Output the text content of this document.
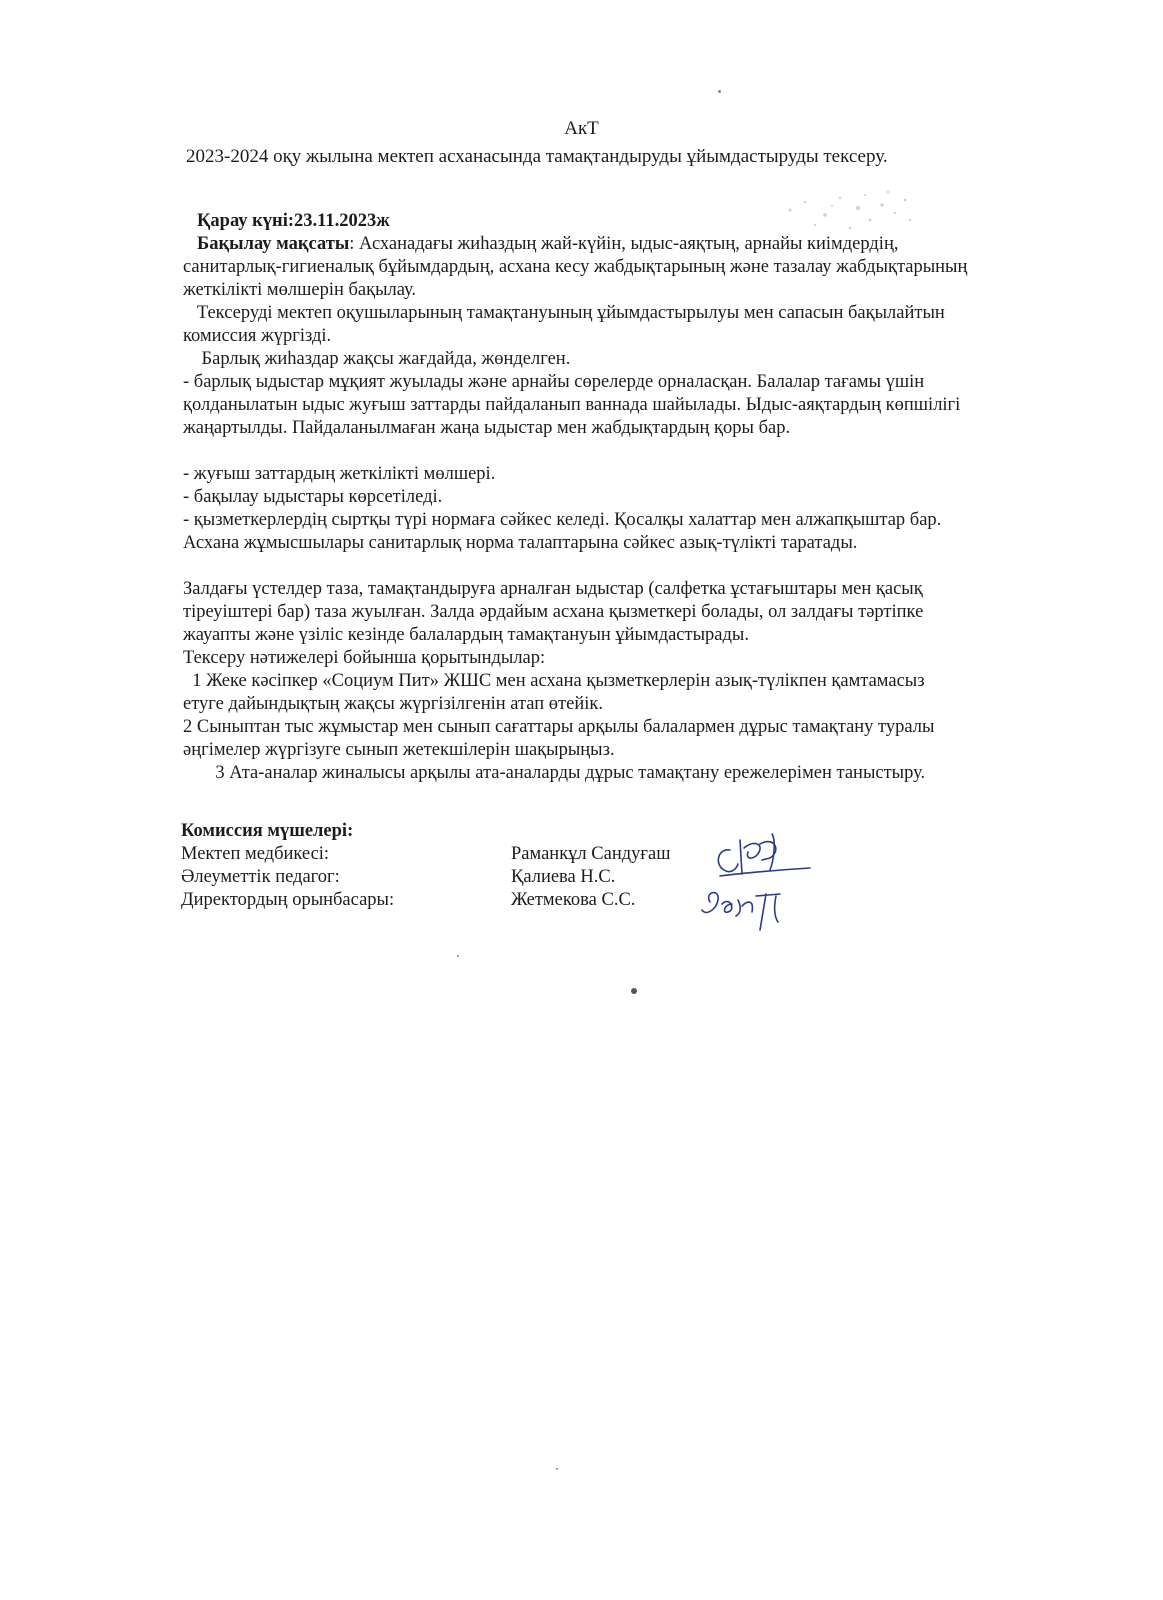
АкТ
2023-2024 оқу жылына мектеп асханасында тамақтандыруды ұйымдастыруды тексеру.
Қарау күні:23.11.2023ж
Бақылау мақсаты: Асханадағы жиһаздың жай-күйін, ыдыс-аяқтың, арнайы киімдердің,
санитарлық-гигиеналық бұйымдардың, асхана кесу жабдықтарының және тазалау жабдықтарының
жеткілікті мөлшерін бақылау.
Тексеруді мектеп оқушыларының тамақтануының ұйымдастырылуы мен сапасын бақылайтын
комиссия жүргізді.
Барлық жиһаздар жақсы жағдайда, жөнделген.
- барлық ыдыстар мұқият жуылады және арнайы сөрелерде орналасқан. Балалар тағамы үшін
қолданылатын ыдыс жуғыш заттарды пайдаланып ваннада шайылады. Ыдыс-аяқтардың көпшілігі
жаңартылды. Пайдаланылмаған жаңа ыдыстар мен жабдықтардың қоры бар.
- жуғыш заттардың жеткілікті мөлшері.
- бақылау ыдыстары көрсетіледі.
- қызметкерлердің сыртқы түрі нормаға сәйкес келеді. Қосалқы халаттар мен алжапқыштар бар.
Асхана жұмысшылары санитарлық норма талаптарына сәйкес азық-түлікті таратады.
Залдағы үстелдер таза, тамақтандыруға арналған ыдыстар (салфетка ұстағыштары мен қасық
тіреуіштері бар) таза жуылған. Залда әрдайым асхана қызметкері болады, ол залдағы тәртіпке
жауапты және үзіліс кезінде балалардың тамақтануын ұйымдастырады.
Тексеру нәтижелері бойынша қорытындылар:
1 Жеке кәсіпкер «Социум Пит» ЖШС мен асхана қызметкерлерін азық-түлікпен қамтамасыз
етуге дайындықтың жақсы жүргізілгенін атап өтейік.
2 Сыныптан тыс жұмыстар мен сынып сағаттары арқылы балалармен дұрыс тамақтану туралы
әңгімелер жүргізуге сынып жетекшілерін шақырыңыз.
3 Ата-аналар жиналысы арқылы ата-аналарды дұрыс тамақтану ережелерімен таныстыру.
Комиссия мүшелері:
Мектеп медбикесі:	Раманкұл Сандуғаш
Әлеуметтік педагог:	Қалиева Н.С.
Директордың орынбасары:	Жетмекова С.С.
